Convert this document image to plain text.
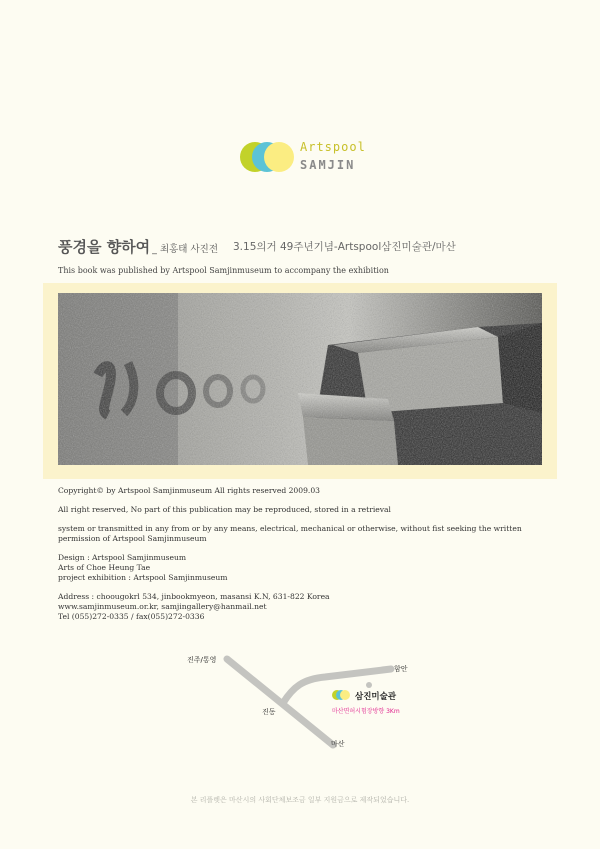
Artspool
SAMJIN
풍경을 향하여 _ 최홍태 사진전 3.15의거 49주년기념-Artspool삼진미술관/마산
This book was published by Artspool Samjinmuseum to accompany the exhibition

Copyright© by Artspool Samjinmuseum All rights reserved 2009.03

All right reserved, No part of this publication may be reproduced, stored in a retrieval

system or transmitted in any from or by any means, electrical, mechanical or otherwise, without fist seeking the written permission of Artspool Samjinmuseum

Design : Artspool Samjinmuseum

Arts of Choe Heung Tae

project exhibition : Artspool Samjinmuseum

Address : choougokrl 534, jinbookmyeon, masansi K.N, 631-822 Korea

www.samjinmuseum.or.kr, samjingallery@hanmail.net

Tel (055)272-0335 / fax(055)272-0336

진주/통영
함안
진동
마산
삼진미술관
마산면허시험장방향 3Km
본 리플렛은 마산시의 사회단체보조금 일부 지원금으로 제작되었습니다.
